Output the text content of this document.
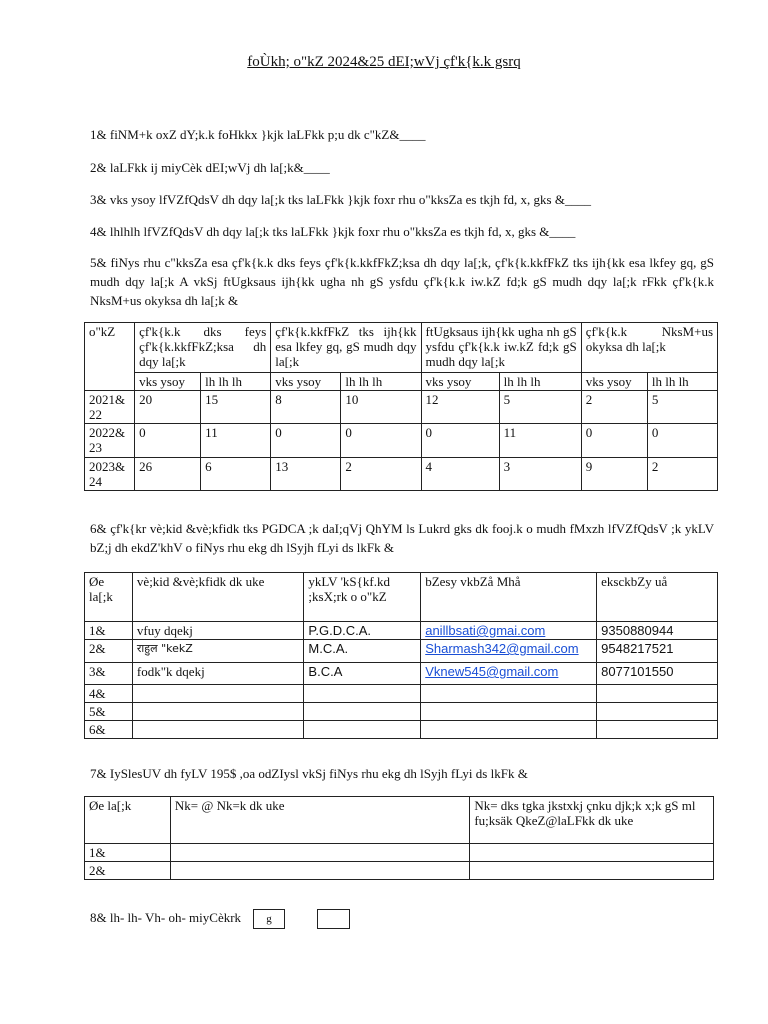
foÙkh; o"kZ 2024&25 dEI;wVj çf'k{k.k gsrq
1& fiNM+k oxZ dY;k.k foHkkx }kjk laLFkk p;u dk c"kZ&____
2& laLFkk ij miyCèk dEI;wVj dh la[;k&____
3& vks ysoy lfVZfQdsV dh dqy la[;k tks laLFkk }kjk foxr rhu o"kksZa es tkjh fd, x, gks &____
4& lhlhlh lfVZfQdsV dh dqy la[;k tks laLFkk }kjk foxr rhu o"kksZa es tkjh fd, x, gks &____
5& fiNys rhu c"kksZa esa çf'k{k.k dks feys çf'k{k.kkfFkZ;ksa dh dqy la[;k, çf'k{k.kkfFkZ tks ijh{kk esa lkfey gq, gS mudh dqy la[;k A vkSj ftUgksaus ijh{kk ugha nh gS ysfdu çf'k{k.k iw.kZ fd;k gS mudh dqy la[;k rFkk çf'k{k.k NksM+us okyksa dh la[;k &
o"kZ	çf'k{k.k dks feys çf'k{k.kkfFkZ;ksa dh dqy la[;k		çf'k{k.kkfFkZ tks ijh{kk esa lkfey gq, gS mudh dqy la[;k		ftUgksaus ijh{kk ugha nh gS ysfdu çf'k{k.k iw.kZ fd;k gS mudh dqy la[;k		çf'k{k.k NksM+us okyksa dh la[;k	
	vks ysoy	lh lh lh	vks ysoy	lh lh lh	vks ysoy	lh lh lh	vks ysoy	lh lh lh
2021& 22	20	15	8	10	12	5	2	5
2022& 23	0	11	0	0	0	11	0	0
2023& 24	26	6	13	2	4	3	9	2
6& çf'k{kr vè;kid &vè;kfidk tks PGDCA ;k daI;qVj QhYM ls Lukrd gks dk fooj.k o mudh fMxzh lfVZfQdsV ;k ykLV bZ;j dh ekdZ'khV o fiNys rhu ekg dh lSyjh fLyi ds lkFk &
Øe la[;k	vè;kid &vè;kfidk dk uke	ykLV 'kS{kf.kd ;ksX;rk o o"kZ	bZesy vkbZå Mhå	eksckbZy uå
1&	vfuy dqekj	P.G.D.C.A.	anillbsati@gmai.com	9350880944
2&	राहुल "kekZ	M.C.A.	Sharmash342@gmail.com	9548217521
3&	fodk"k dqekj	B.C.A	Vknew545@gmail.com	8077101550
4&				
5&				
6&				
7& IySlesUV dh fyLV 195$ ,oa odZIysl vkSj fiNys rhu ekg dh lSyjh fLyi ds lkFk &
Øe la[;k	Nk= @ Nk=k dk uke	Nk= dks tgka jkstxkj çnku djk;k x;k gS ml fu;ksäk QkeZ@laLFkk dk uke
1&		
2&		
8& lh- lh- Vh- oh- miyCèkrk	g
